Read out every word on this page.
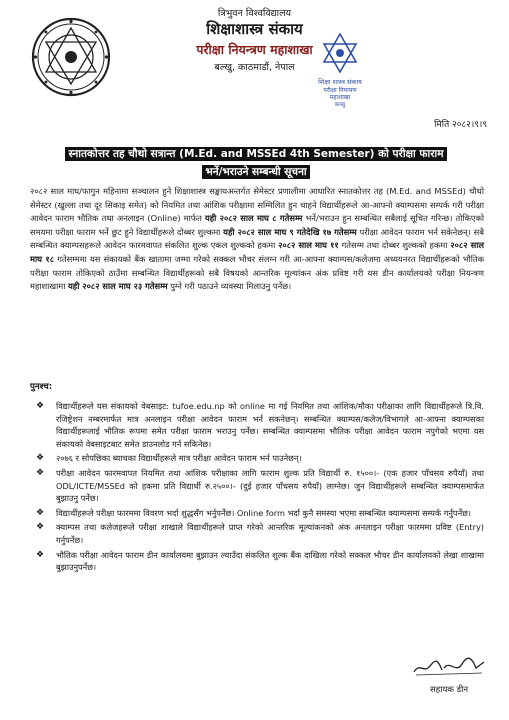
त्रिभुवन विश्वविद्यालय
शिक्षाशास्त्र संकाय
परीक्षा नियन्त्रण महाशाखा
बल्खु, काठमाडौं, नेपाल
शिक्षा शास्त्र संकाय
परीक्षा नियन्त्रण
महाशाखा
बल्खु
मिति २०८२।९।९
स्नातकोत्तर तह चौथो सत्रान्त (M.Ed. and MSSEd 4th Semester) को परीक्षा फाराम
भर्ने/भराउने सम्बन्धी सूचना

२०८२ साल माघ/फागुन महिनामा सञ्चालन हुने शिक्षाशास्त्र सङ्कायअन्तर्गत सेमेस्टर प्रणालीमा आधारित स्नातकोत्तर तह (M.Ed. and MSSEd) चौथो सेमेस्टर (खुल्ला तथा दूर सिकाइ समेत) को नियमित तथा आंशिक परीक्षामा सम्मिलित हुन चाहने विद्यार्थीहरूले आ-आफ्नो क्याम्पसमा सम्पर्क गरी परीक्षा आवेदन फाराम भौतिक तथा अनलाइन (Online) मार्फत यही २०८२ साल माघ ८ गतेसम्म भर्ने/भराउन हुन सम्बन्धित सबैलाई सूचित गरिन्छ। तोकिएको समयमा परीक्षा फाराम भर्ने छुट हुने विद्यार्थीहरूले दोब्बर शुल्कमा यही २०८२ साल माघ ९ गतेदेखि १७ गतेसम्म परीक्षा आवेदन फाराम भर्न सकेनेछन्। सबै सम्बन्धित क्याम्पसहरूले आवेदन फारमवापत संकलित शुल्क एकल शुल्कको हकमा २०८२ साल माघ ११ गतेसम्म तथा दोब्बर शुल्कको हकमा २०८२ साल माघ १८ गतेसम्ममा यस संकायको बैंक खातामा जम्मा गरेको सक्कल भौचर संलग्न गरी आ-आफ्ना क्याम्पस/कलेजमा अध्ययनरत विद्यार्थीहरूको भौतिक परीक्षा फाराम तोकिएको ठाउँमा सम्बन्धित विद्यार्थीहरूको सबै विषयको आन्तरिक मूल्यांकन अंक प्रविष्ट गरी यस डीन कार्यालयको परीक्षा नियन्त्रण महाशाखामा यही २०८२ साल माघ २३ गतेसम्म पुग्ने गरी पठाउने व्यवस्था मिलाउनु पर्नेछ।

पुनश्च:

❖ विद्यार्थीहरूले यस संकायको वेबसाइट: tufoe.edu.np को online मा गई नियमित तथा आंशिक/मौका परीक्षाका लागि विद्यार्थीहरूले त्रि.वि. रजिष्ट्रेशन नम्बरमार्फत मात्र अनलाइन परीक्षा आवेदन फाराम भर्न सकनेछन्। सम्बन्धित क्याम्पस/कलेज/विभागले आ-आफ्ना क्याम्पसका विद्यार्थीहरूलाई भौतिक रूपमा समेत परीक्षा फाराम भराउनु पर्नेछ। सम्बन्धित क्याम्पसमा भौतिक परीक्षा आवेदन फाराम नपुगेको भएमा यस संकायको वेबसाइटबाट समेत डाउनलोड गर्न सकिनेछ।
❖ २०७६ र सोपछिका ब्याचका विद्यार्थीहरूले मात्र परीक्षा आवेदन फाराम भर्न पाउनेछन्।
❖ परीक्षा आवेदन फारमवापत नियमित तथा आंशिक परीक्षाका लागि फाराम शुल्क प्रति विद्यार्थी रु. १५००।- (एक हजार पाँचसय रुपैयाँ) तथा ODL/ICTE/MSSEd को हकमा प्रति विद्यार्थी रु.२५००।- (दुई हजार पाँचसय रुपैयाँ) लाग्नेछ। जुन विद्यार्थीहरूले सम्बन्धित क्याम्पसमार्फत बुझाउनु पर्नेछ।
❖ विद्यार्थीहरूले परीक्षा फारममा विवरण भर्दा शुद्धसँग भर्नुपर्नेछ। Online form भर्दा कुनै समस्या भएमा सम्बन्धित क्याम्पसमा सम्पर्क गर्नुपर्नेछ।
❖ क्याम्पस तथा कलेजहरूले परीक्षा शाखाले विद्यार्थीहरूले प्राप्त गरेको आन्तरिक मूल्यांकनको अंक अनलाइन परीक्षा फारममा प्रविष्ट (Entry) गर्नुपर्नेछ।
❖ भौतिक परीक्षा आवेदन फाराम डीन कार्यालयमा बुझाउन ल्याउँदा संकलित शुल्क बैंक दाखिला गरेको सक्कल भौचर डीन कार्यालयको लेखा शाखामा बुझाउनुपर्नेछ।
सहायक डीन
